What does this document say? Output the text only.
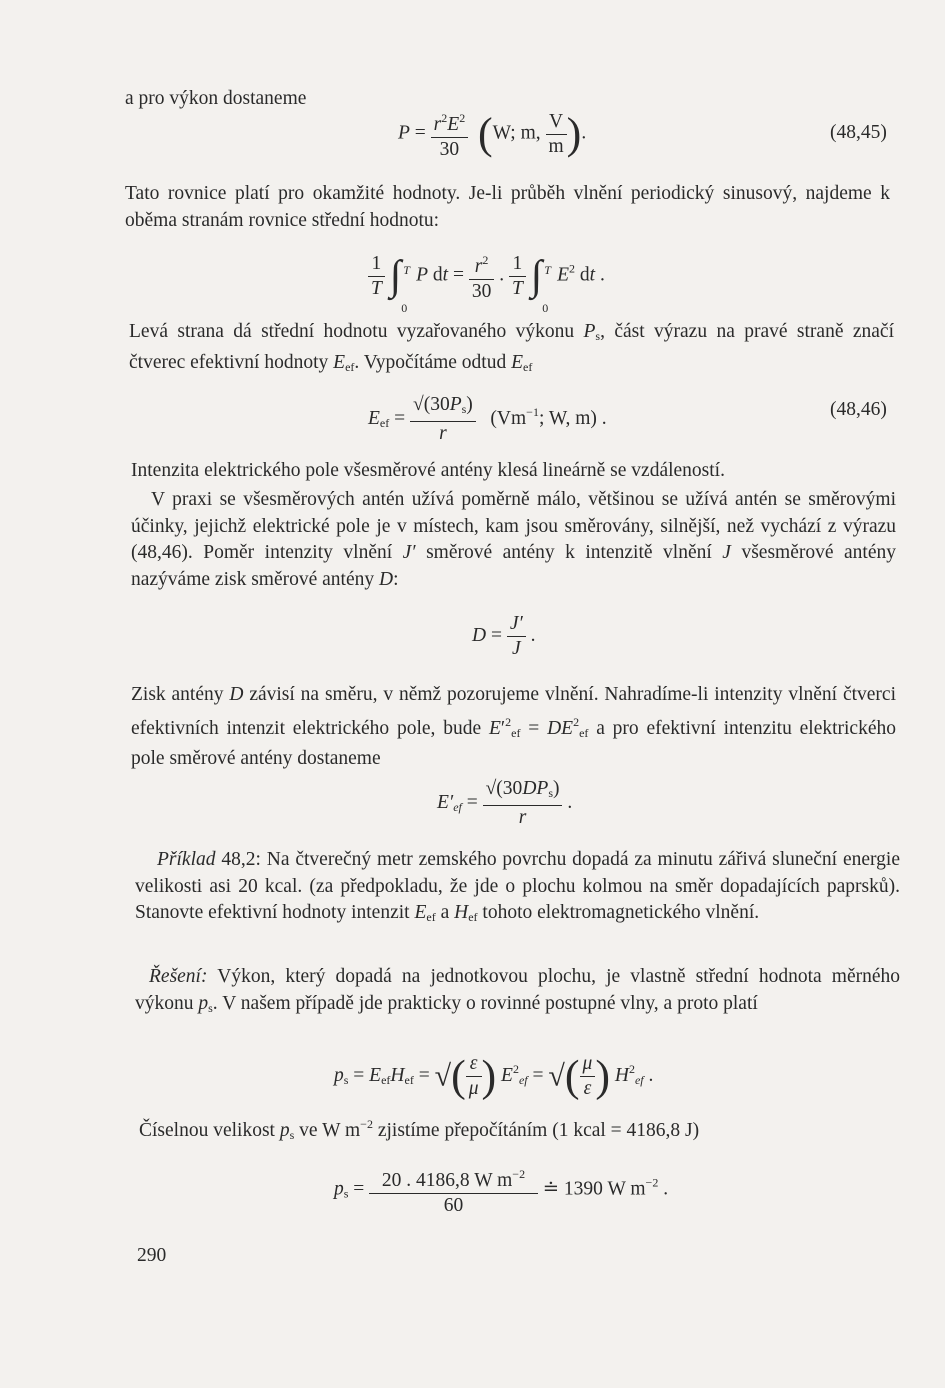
a pro výkon dostaneme
$P = \frac{r^2E^2}{30} (W$; m, $\frac{V}{m}$ ).	(48,45)
Tato rovnice platí pro okamžité hodnoty. Je-li průběh vlnění periodický sinusový, najdeme k oběma stranám rovnice střední hodnotu:
$\frac{1}{T}$ ∫ T
0
P dt = $\frac{r^2}{30}$ . $\frac{1}{T}$ ∫ T
0
$E^2$ dt .
Levá strana dá střední hodnotu vyzařovaného výkonu $P_s$, část výrazu na pravé straně značí čtverec efektivní hodnoty $E_{ef}$. Vypočítáme odtud $E_{ef}$
$E_{ef} = \frac{√(30P_s)}{r} (Vm^{-1}$; W, m) .	(48,46)
Intenzita elektrického pole všesměrové antény klesá lineárně se vzdáleností.
V praxi se všesměrových antén užívá poměrně málo, většinou se užívá antén se směrovými účinky, jejichž elektrické pole je v místech, kam jsou směrovány, silnější, než vychází z výrazu (48,46). Poměr intenzity vlnění J′ směrové antény k intenzitě vlnění J všesměrové antény nazýváme zisk směrové antény D:
$D = \frac{J'}{J}$ .
Zisk antény D závisí na směru, v němž pozorujeme vlnění. Nahradíme-li intenzity vlnění čtverci efektivních intenzit elektrického pole, bude $E'^2_{ef} = DE^2_{ef}$ a pro efektivní intenzitu elektrického pole směrové antény dostaneme
$E'_{ef} = \frac{√(30DP_s)}{r}$ .
Příklad 48,2: Na čtverečný metr zemského povrchu dopadá za minutu zářivá sluneční energie velikosti asi 20 kcal. (za předpokladu, že jde o plochu kolmou na směr dopadajících paprsků). Stanovte efektivní hodnoty intenzit $E_{ef}$ a $H_{ef}$ tohoto elektromagnetického vlnění.
Řešení: Výkon, který dopadá na jednotkovou plochu, je vlastně střední hodnota měrného výkonu $p_s$. V našem případě jde prakticky o rovinné postupné vlny, a proto platí
$p_s = E_{ef}H_{ef}$ = √( $\frac{\varepsilon}{\mu}$ ) $E^2_{ef}$ = √( $\frac{\mu}{\varepsilon}$ ) $H^2_{ef}$ .
Číselnou velikost $p_s$ ve W $m^{-2}$ zjistíme přepočítáním (1 kcal = 4186,8 J)
$p_s = \frac{20 . 4186,8 W m^{-2}}{60}$ ≐ 1390 W $m^{-2}$ .
290
